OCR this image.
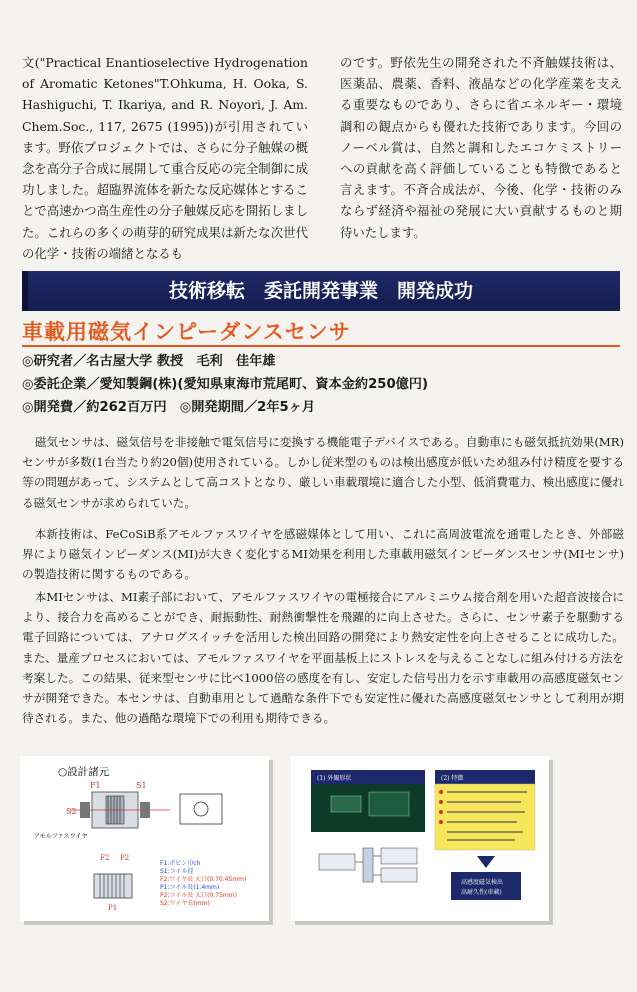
文("Practical Enantioselective Hydrogenation of Aromatic Ketones"T.Ohkuma, H. Ooka, S. Hashiguchi, T. Ikariya, and R. Noyori, J. Am. Chem.Soc., 117, 2675 (1995))が引用されています。野依プロジェクトでは、さらに分子触媒の概念を高分子合成に展開して重合反応の完全制御に成功しました。超臨界流体を新たな反応媒体とすることで高速かつ高生産性の分子触媒反応を開拓しました。これらの多くの萌芽的研究成果は新たな次世代の化学・技術の端緒となるも
のです。野依先生の開発された不斉触媒技術は、医薬品、農薬、香料、液晶などの化学産業を支える重要なものであり、さらに省エネルギー・環境調和の観点からも優れた技術であります。今回のノーベル賞は、自然と調和したエコケミストリーへの貢献を高く評価していることも特徴であると言えます。不斉合成法が、今後、化学・技術のみならず経済や福祉の発展に大い貢献するものと期待いたします。
技術移転　委託開発事業　開発成功
車載用磁気インピーダンスセンサ
◎研究者／名古屋大学 教授　毛利　佳年雄
◎委託企業／愛知製鋼(株)(愛知県東海市荒尾町、資本金約250億円)
◎開発費／約262百万円　◎開発期間／2年5ヶ月

磁気センサは、磁気信号を非接触で電気信号に変換する機能電子デバイスである。自動車にも磁気抵抗効果(MR)センサが多数(1台当たり約20個)使用されている。しかし従来型のものは検出感度が低いため組み付け精度を要する等の問題があって、システムとして高コストとなり、厳しい車載環境に適合した小型、低消費電力、検出感度に優れる磁気センサが求められていた。

本新技術は、FeCoSiB系アモルファスワイヤを感磁媒体として用い、これに高周波電流を通電したとき、外部磁界により磁気インピーダンス(MI)が大きく変化するMI効果を利用した車載用磁気インピーダンスセンサ(MIセンサ)の製造技術に関するものである。

本MIセンサは、MI素子部において、アモルファスワイヤの電極接合にアルミニウム接合剤を用いた超音波接合により、接合力を高めることができ、耐振動性、耐熱衝撃性を飛躍的に向上させた。さらに、センサ素子を駆動する電子回路については、アナログスイッチを活用した検出回路の開発により熱安定性を向上させることに成功した。また、量産プロセスにおいては、アモルファスワイヤを平面基板上にストレスを与えることなしに組み付ける方法を考案した。この結果、従来型センサに比べ1000倍の感度を有し、安定した信号出力を示す車載用の高感度磁気センサが開発できた。本センサは、自動車用として過酷な条件下でも安定性に優れた高感度磁気センサとして利用が期待される。また、他の過酷な環境下での利用も期待できる。

○設計諸元
F1	S1
S2
アモルファスワイヤ
F2 P2
P1
F1:ボビン巾ch
S1:コイル径
F2:ワイヤ長 大口(0.70.45mm)
P1:コイル長(1.4mm)
P2:コイル長 大口(0.75mm)
S2:ワイヤ長(mm)
(1) 外観形状	(2) 特徴
高感度磁気検出
高耐久性(車載)
